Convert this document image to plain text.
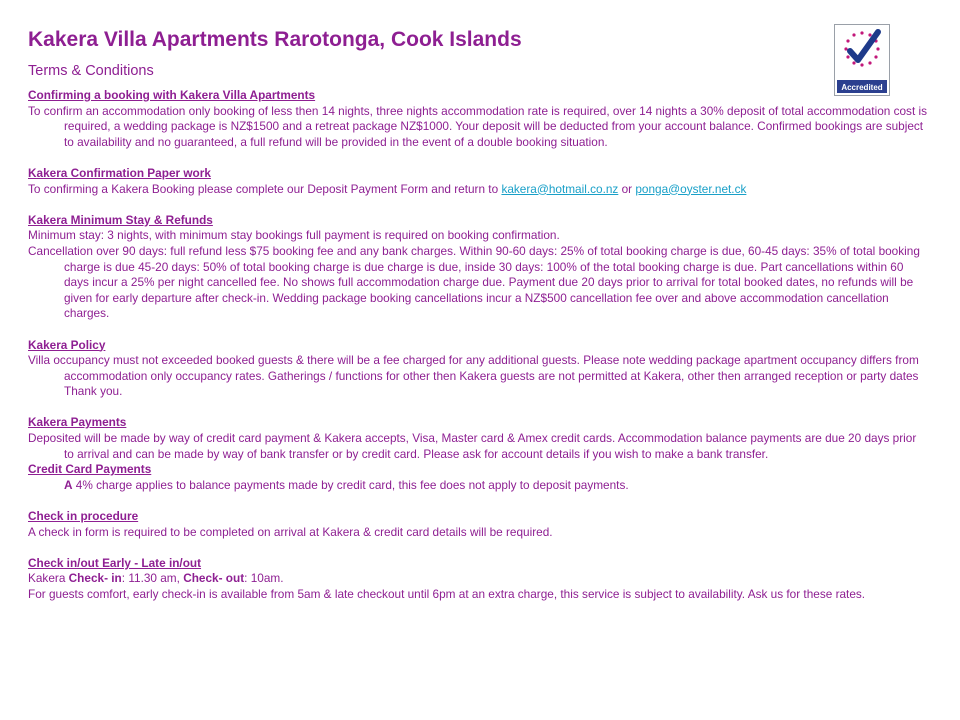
Kakera Villa Apartments Rarotonga, Cook Islands
Terms & Conditions
Confirming a booking with Kakera Villa Apartments

To confirm an accommodation only booking of less then 14 nights, three nights accommodation rate is required, over 14 nights a 30% deposit of total accommodation cost is required, a wedding package is NZ$1500 and a retreat package NZ$1000. Your deposit will be deducted from your account balance. Confirmed bookings are subject to availability and no guaranteed, a full refund will be provided in the event of a double booking situation.

Kakera Confirmation Paper work

To confirming a Kakera Booking please complete our Deposit Payment Form and return to kakera@hotmail.co.nz or ponga@oyster.net.ck

Kakera Minimum Stay & Refunds

Minimum stay: 3 nights, with minimum stay bookings full payment is required on booking confirmation.

Cancellation over 90 days: full refund less $75 booking fee and any bank charges. Within 90-60 days: 25% of total booking charge is due, 60-45 days: 35% of total booking charge is due 45-20 days: 50% of total booking charge is due charge is due, inside 30 days: 100% of the total booking charge is due. Part cancellations within 60 days incur a 25% per night cancelled fee. No shows full accommodation charge due. Payment due 20 days prior to arrival for total booked dates, no refunds will be given for early departure after check-in. Wedding package booking cancellations incur a NZ$500 cancellation fee over and above accommodation cancellation charges.

Kakera Policy

Villa occupancy must not exceeded booked guests & there will be a fee charged for any additional guests. Please note wedding package apartment occupancy differs from accommodation only occupancy rates. Gatherings / functions for other then Kakera guests are not permitted at Kakera, other then arranged reception or party dates Thank you.

Kakera Payments

Deposited will be made by way of credit card payment & Kakera accepts, Visa, Master card & Amex credit cards. Accommodation balance payments are due 20 days prior to arrival and can be made by way of bank transfer or by credit card. Please ask for account details if you wish to make a bank transfer.

Credit Card Payments

A 4% charge applies to balance payments made by credit card, this fee does not apply to deposit payments.

Check in procedure

A check in form is required to be completed on arrival at Kakera & credit card details will be required.

Check in/out Early - Late in/out

Kakera Check- in: 11.30 am, Check- out: 10am.

For guests comfort, early check-in is available from 5am & late checkout until 6pm at an extra charge, this service is subject to availability. Ask us for these rates.

Accredited
